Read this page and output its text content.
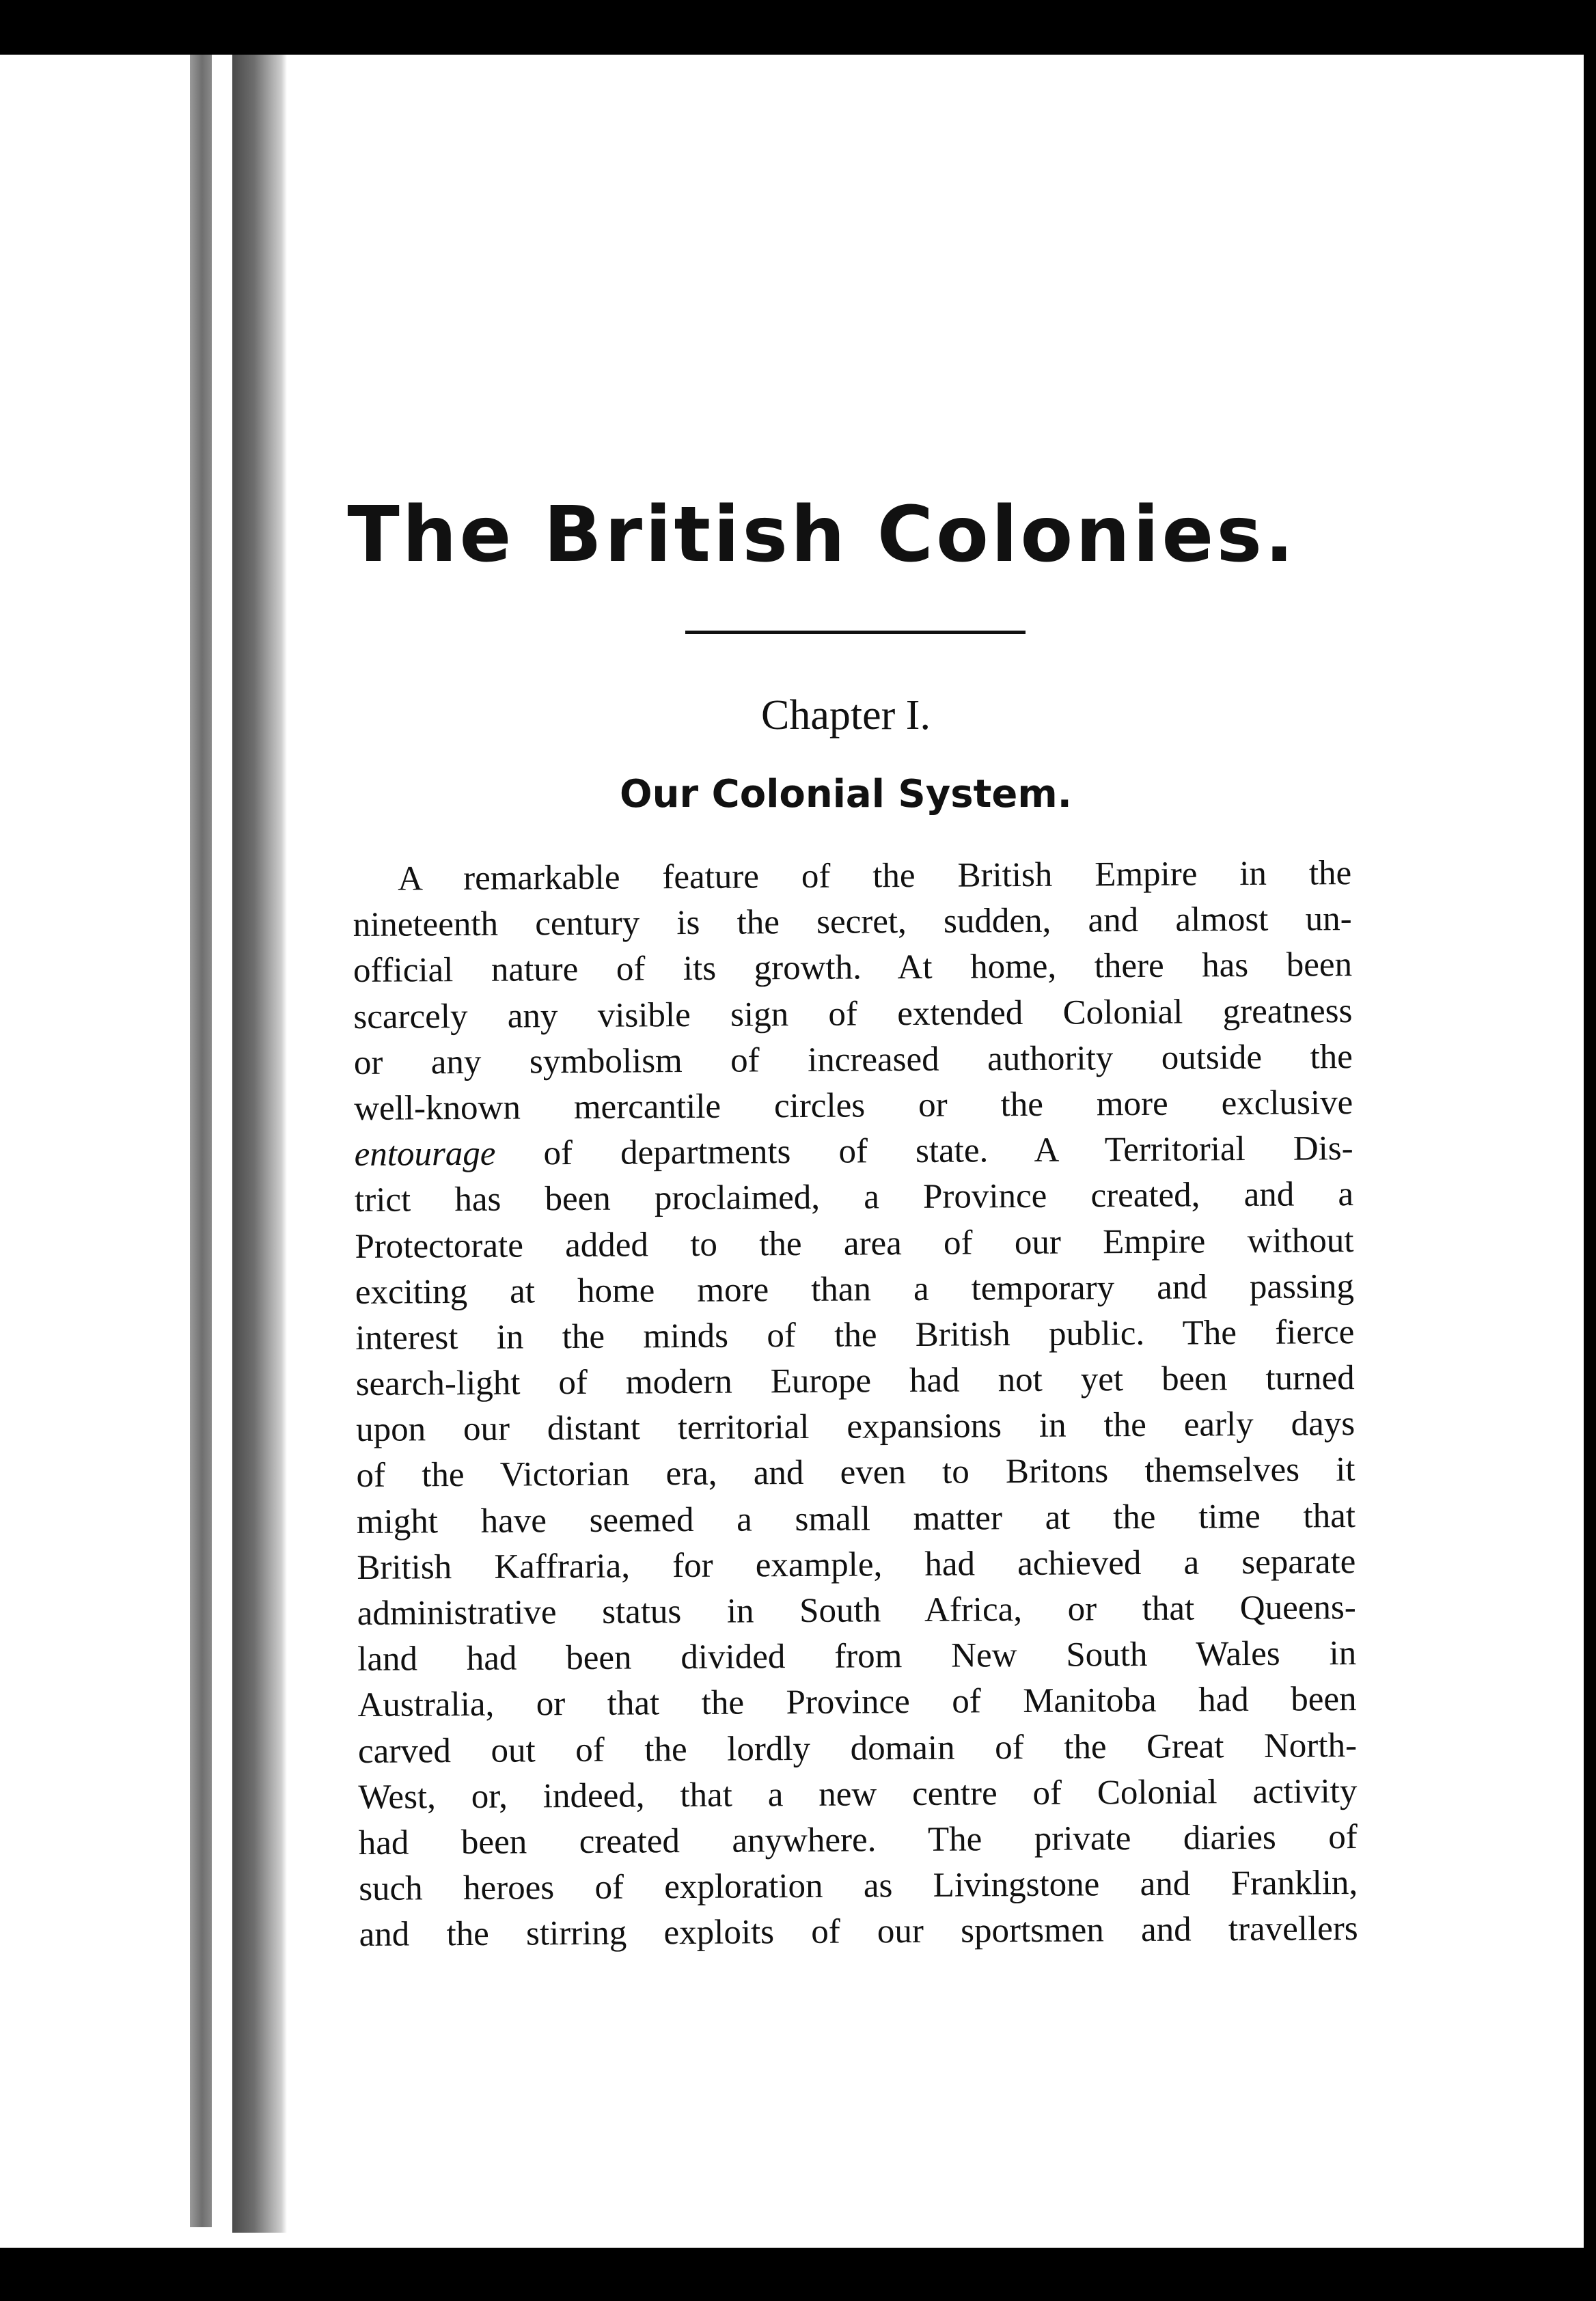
The British Colonies.
Chapter I.
Our Colonial System.
A remarkable feature of the British Empire in the
nineteenth century is the secret, sudden, and almost un-
official nature of its growth. At home, there has been
scarcely any visible sign of extended Colonial greatness
or any symbolism of increased authority outside the
well-known mercantile circles or the more exclusive
entourage of departments of state. A Territorial Dis-
trict has been proclaimed, a Province created, and a
Protectorate added to the area of our Empire without
exciting at home more than a temporary and passing
interest in the minds of the British public. The fierce
search-light of modern Europe had not yet been turned
upon our distant territorial expansions in the early days
of the Victorian era, and even to Britons themselves it
might have seemed a small matter at the time that
British Kaffraria, for example, had achieved a separate
administrative status in South Africa, or that Queens-
land had been divided from New South Wales in
Australia, or that the Province of Manitoba had been
carved out of the lordly domain of the Great North-
West, or, indeed, that a new centre of Colonial activity
had been created anywhere. The private diaries of
such heroes of exploration as Livingstone and Franklin,
and the stirring exploits of our sportsmen and travellers
